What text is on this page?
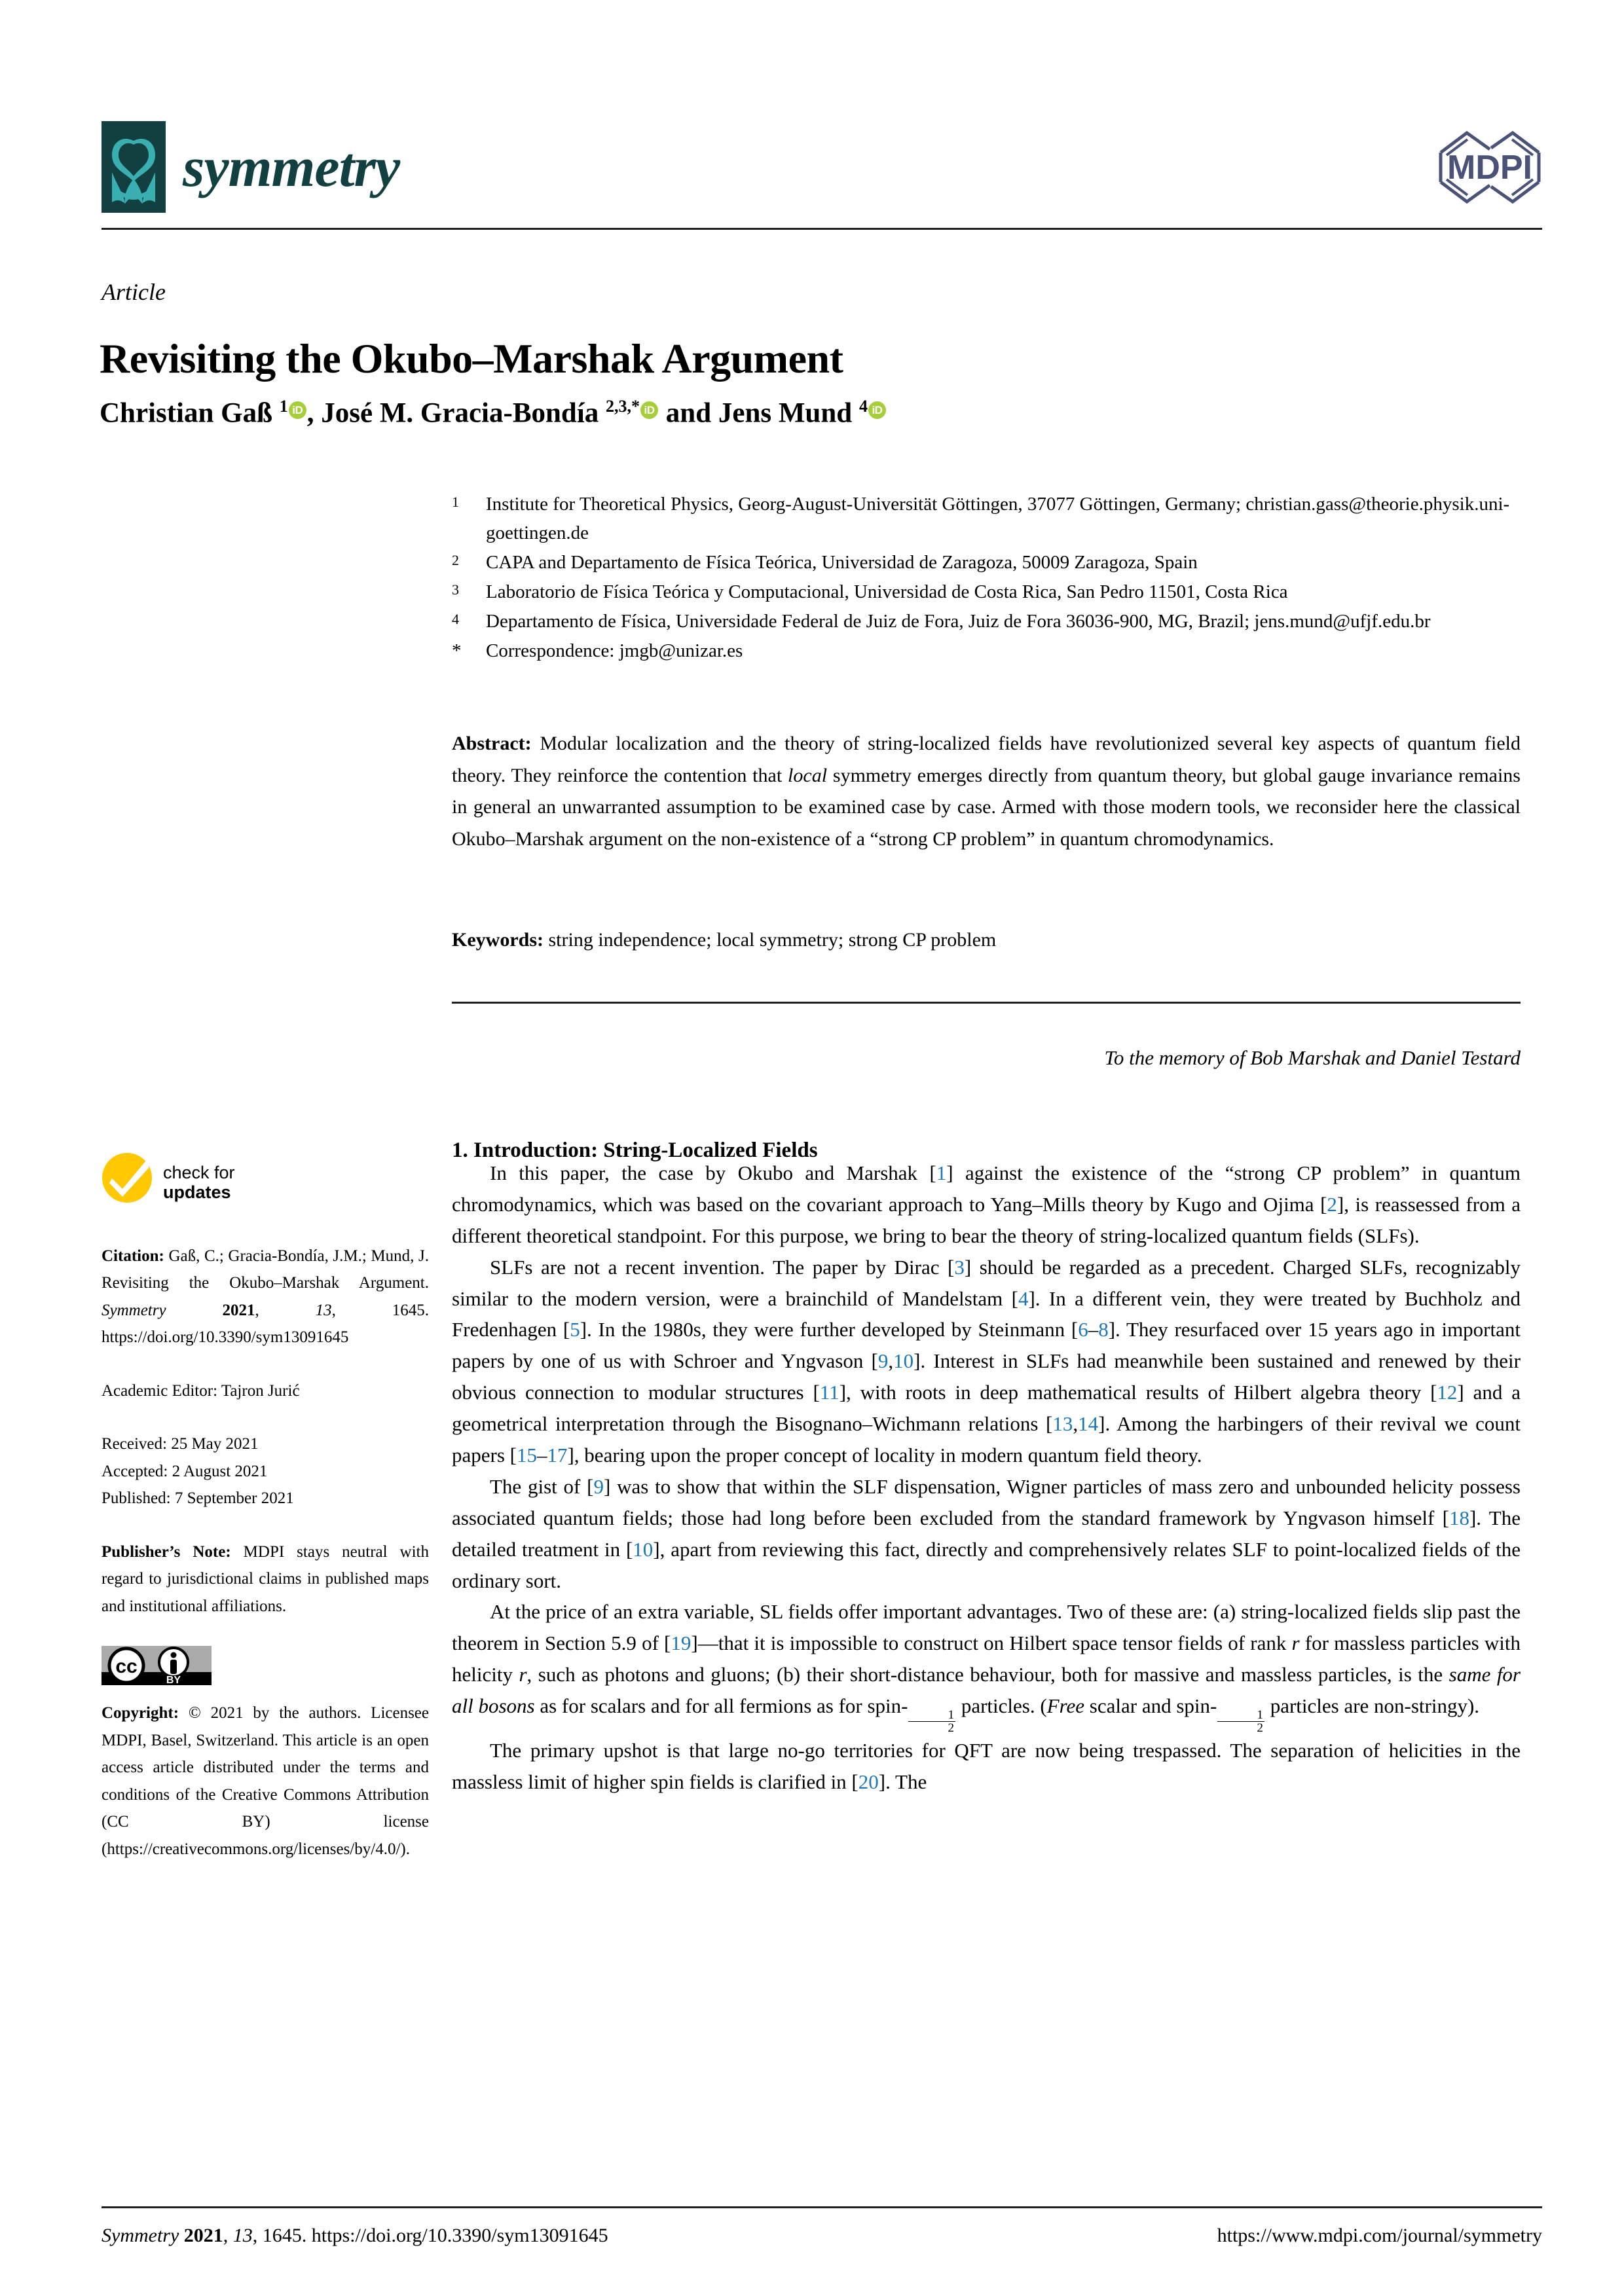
symmetry	MDPI
Article
Revisiting the Okubo–Marshak Argument
Christian Gaß $^1$ iD , José M. Gracia-Bondía $^{2,3,*}$ iD and Jens Mund $^4$ iD
1	Institute for Theoretical Physics, Georg-August-Universität Göttingen, 37077 Göttingen, Germany; christian.gass@theorie.physik.uni-goettingen.de
2	CAPA and Departamento de Física Teórica, Universidad de Zaragoza, 50009 Zaragoza, Spain
3	Laboratorio de Física Teórica y Computacional, Universidad de Costa Rica, San Pedro 11501, Costa Rica
4	Departamento de Física, Universidade Federal de Juiz de Fora, Juiz de Fora 36036-900, MG, Brazil; jens.mund@ufjf.edu.br
*	Correspondence: jmgb@unizar.es
Abstract: Modular localization and the theory of string-localized fields have revolutionized several key aspects of quantum field theory. They reinforce the contention that local symmetry emerges directly from quantum theory, but global gauge invariance remains in general an unwarranted assumption to be examined case by case. Armed with those modern tools, we reconsider here the classical Okubo–Marshak argument on the non-existence of a “strong CP problem” in quantum chromodynamics.
Keywords: string independence; local symmetry; strong CP problem
To the memory of Bob Marshak and Daniel Testard
1. Introduction: String-Localized Fields

In this paper, the case by Okubo and Marshak [1] against the existence of the “strong CP problem” in quantum chromodynamics, which was based on the covariant approach to Yang–Mills theory by Kugo and Ojima [2], is reassessed from a different theoretical standpoint. For this purpose, we bring to bear the theory of string-localized quantum fields (SLFs).

SLFs are not a recent invention. The paper by Dirac [3] should be regarded as a precedent. Charged SLFs, recognizably similar to the modern version, were a brainchild of Mandelstam [4]. In a different vein, they were treated by Buchholz and Fredenhagen [5]. In the 1980s, they were further developed by Steinmann [6–8]. They resurfaced over 15 years ago in important papers by one of us with Schroer and Yngvason [9,10]. Interest in SLFs had meanwhile been sustained and renewed by their obvious connection to modular structures [11], with roots in deep mathematical results of Hilbert algebra theory [12] and a geometrical interpretation through the Bisognano–Wichmann relations [13,14]. Among the harbingers of their revival we count papers [15–17], bearing upon the proper concept of locality in modern quantum field theory.

The gist of [9] was to show that within the SLF dispensation, Wigner particles of mass zero and unbounded helicity possess associated quantum fields; those had long before been excluded from the standard framework by Yngvason himself [18]. The detailed treatment in [10], apart from reviewing this fact, directly and comprehensively relates SLF to point-localized fields of the ordinary sort.

At the price of an extra variable, SL fields offer important advantages. Two of these are: (a) string-localized fields slip past the theorem in Section 5.9 of [19]—that it is impossible to construct on Hilbert space tensor fields of rank r for massless particles with helicity r, such as photons and gluons; (b) their short-distance behaviour, both for massive and massless particles, is the same for all bosons as for scalars and for all fermions as for spin-
$\frac{1}{2}$
particles. (Free scalar and spin-
$\frac{1}{2}$
particles are non-stringy).

The primary upshot is that large no-go territories for QFT are now being trespassed. The separation of helicities in the massless limit of higher spin fields is clarified in [20]. The

check for
updates
Citation: Gaß, C.; Gracia-Bondía, J.M.; Mund, J. Revisiting the Okubo–Marshak Argument. Symmetry	2021, 13, 1645. https://doi.org/10.3390/sym13091645
Academic Editor: Tajron Jurić
Received: 25 May 2021
Accepted: 2 August 2021
Published: 7 September 2021
Publisher’s Note: MDPI stays neutral with regard to jurisdictional claims in published maps and institutional affiliations.
cc
BY
Copyright: © 2021 by the authors. Licensee MDPI, Basel, Switzerland. This article is an open access article distributed under the terms and conditions of the Creative Commons Attribution (CC BY) license (https://creativecommons.org/licenses/by/4.0/).
Symmetry 2021, 13, 1645. https://doi.org/10.3390/sym13091645	https://www.mdpi.com/journal/symmetry
